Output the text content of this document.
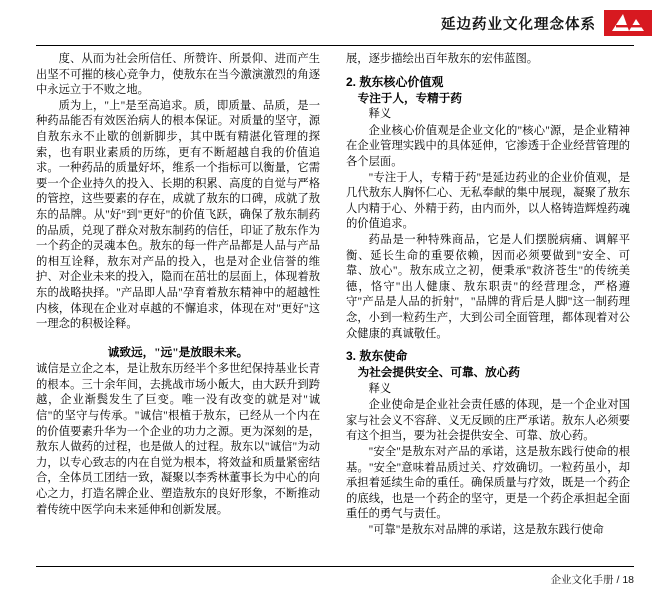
延边药业文化理念体系

度、从而为社会所信任、所赞许、所景仰、进而产生出坚不可摧的核心竞争力，使敖东在当今激演激烈的角逐中永远立于不败之地。

质为上，"上"是至高追求。质，即质量、品质，是一种药品能否有效医治病人的根本保证。对质量的坚守，源自敖东永不止歇的创新脚步，其中既有精湛化管理的探索，也有职业素质的历练，更有不断超越自我的价值追求。一种药品的质量好坏，维系一个指标可以衡量，它需要一个企业持久的投入、长期的积累、高度的自觉与严格的管控，这些要素的存在，成就了敖东的口碑，成就了敖东的品牌。从"好"到"更好"的价值飞跃，确保了敖东制药的品质，兑现了群众对敖东制药的信任，印证了敖东作为一个药企的灵魂本色。敖东的每一件产品都是人品与产品的相互诠释，敖东对产品的投入，也是对企业信誉的维护、对企业未来的投入，隐而在茁壮的层面上，体现着敖东的战略抉择。"产品即人品"孕育着敖东精神中的超越性内核，体现在企业对卓越的不懈追求，体现在对"更好"这一理念的积极诠释。

诚致远，"远"是放眼未来。

诚信是立企之本，是让敖东历经半个多世纪保持基业长青的根本。三十余年间，去挑战市场小飯大，由大跃升到跨越，企业渐鬓发生了巨变。唯一没有改变的就是对"诚信"的坚守与传承。"诚信"根植于敖东，已经从一个内在的价值要素升华为一个企业的功力之源。更为深刻的是，敖东人做药的过程，也是做人的过程。敖东以"诚信"为动力，以专心致志的内在自觉为根本，将效益和质量紧密结合，全体员工团结一致，凝聚以李秀林董事长为中心的向心之力，打造名牌企业、塑造敖东的良好形象，不断推动着传统中医学向未来延伸和创新发展。

展，逐步描绘出百年敖东的宏伟蓝图。

2. 敖东核心价值观

专注于人，专精于药

释义

企业核心价值观是企业文化的"核心"源，是企业精神在企业管理实践中的具体延伸，它渗透于企业经营管理的各个层面。

"专注于人，专精于药"是延边药业的企业价值观，是几代敖东人胸怀仁心、无私奉献的集中展现，凝聚了敖东人内精于心、外精于药，由内而外，以人格铸造辉煌药魂的价值追求。

药品是一种特殊商品，它是人们摆脱病痛、调解平衡、延长生命的重要依赖，因而必须要做到"安全、可靠、放心"。敖东成立之初，便秉承"救济苍生"的传统美德，恪守"出人健康、敖东职责"的经营理念，严格遵守"产品是人品的折射"，"品牌的背后是人脚"这一制药理念，小到一粒药生产，大到公司全面管理，都体现着对公众健康的真诚敬任。

3. 敖东使命

为社会提供安全、可靠、放心药

释义

企业使命是企业社会责任感的体现，是一个企业对国家与社会义不容辞、义无反顾的庄严承诺。敖东人必须要有这个担当，要为社会提供安全、可靠、放心药。

"安全"是敖东对产品的承诺，这是敖东践行使命的根基。"安全"意味着品质过关、疗效确切。一粒药虽小，却承担着延续生命的重任。确保质量与疗效，既是一个药企的底线，也是一个药企的坚守，更是一个药企承担起全面重任的勇气与责任。

"可靠"是敖东对品牌的承诺，这是敖东践行使命

企业文化手册 / 18
